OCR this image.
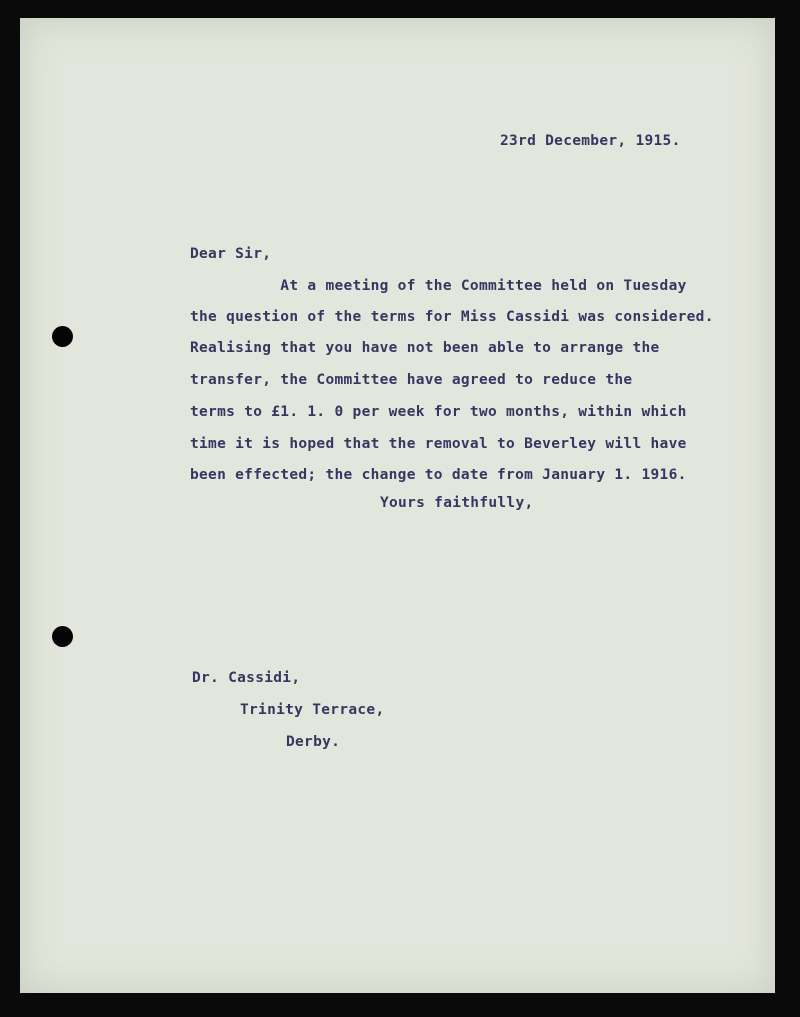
23rd December, 1915.
Dear Sir,
At a meeting of the Committee held on Tuesday
the question of the terms for Miss Cassidi was considered.
Realising that you have not been able to arrange the
transfer, the Committee have agreed to reduce the
terms to £1. 1. 0 per week for two months, within which
time it is hoped that the removal to Beverley will have
been effected; the change to date from January 1. 1916.
Yours faithfully,
Dr. Cassidi,
Trinity Terrace,
Derby.
